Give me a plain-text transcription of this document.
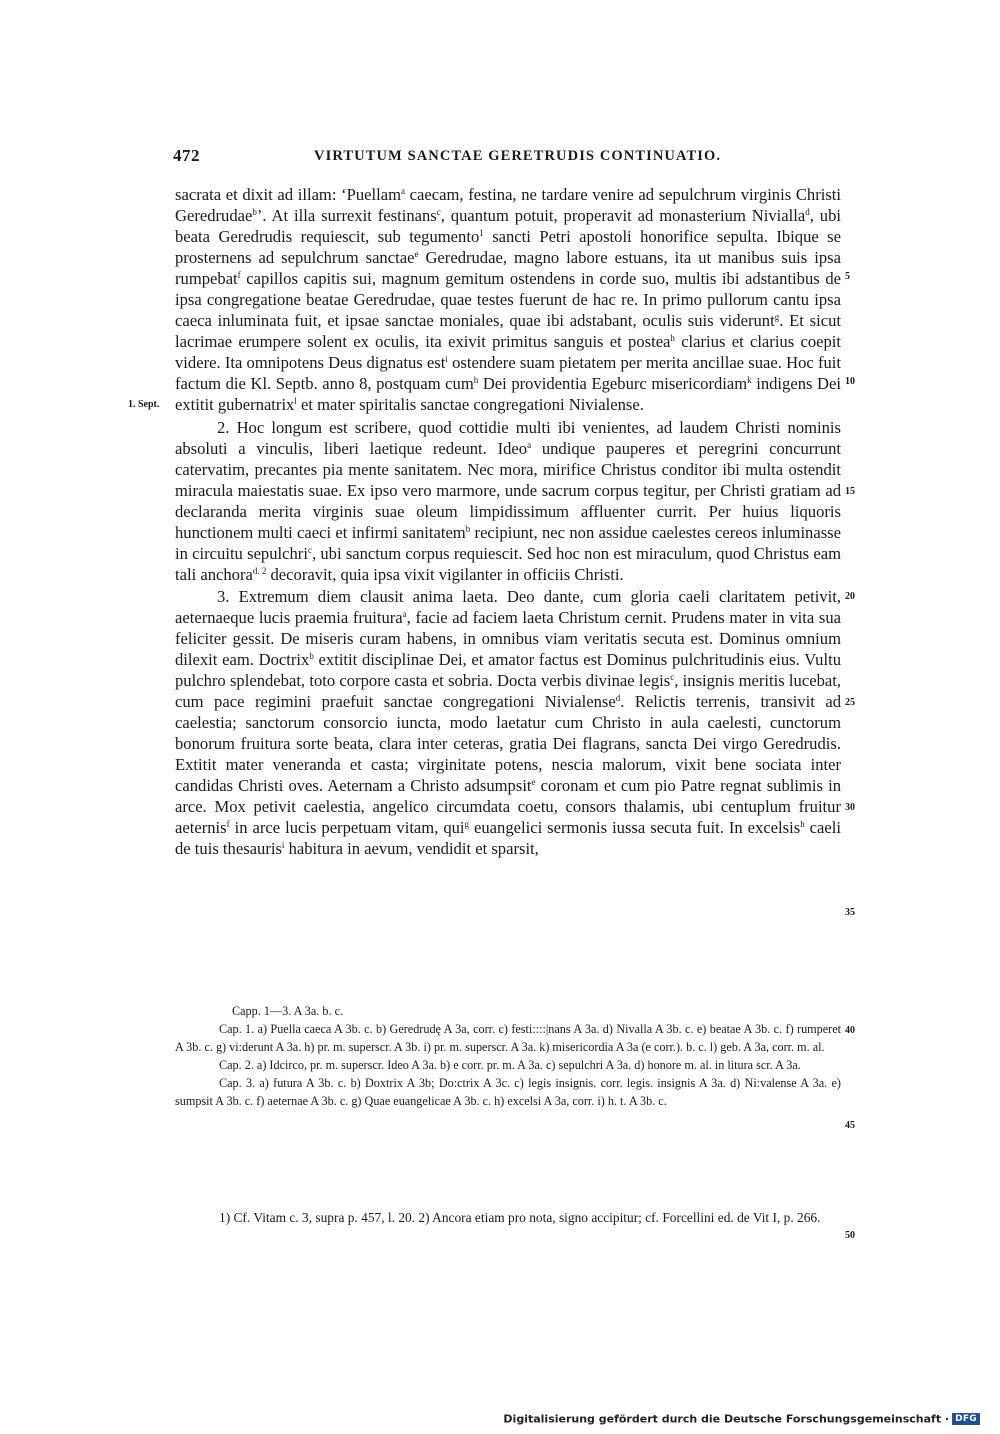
472	VIRTUTUM SANCTAE GERETRUDIS CONTINUATIO.
1. Sept.
5
10
15
20
25
30
35
40
45
50

sacrata et dixit ad illam: ‘Puellam$^a$ caecam, festina, ne tardare venire ad sepulchrum virginis Christi Geredrudae$^b$’. At illa surrexit festinans$^c$, quantum potuit, properavit ad monasterium Nivialla$^d$, ubi beata Geredrudis requiescit, sub tegumento$^1$ sancti Petri apostoli honorifice sepulta. Ibique se prosternens ad sepulchrum sanctae$^e$ Geredrudae, magno labore estuans, ita ut manibus suis ipsa rumpebat$^f$ capillos capitis sui, magnum gemitum ostendens in corde suo, multis ibi adstantibus de ipsa congregatione beatae Geredrudae, quae testes fuerunt de hac re. In primo pullorum cantu ipsa caeca inluminata fuit, et ipsae sanctae moniales, quae ibi adstabant, oculis suis viderunt$^g$. Et sicut lacrimae erumpere solent ex oculis, ita exivit primitus sanguis et postea$^h$ clarius et clarius coepit videre. Ita omnipotens Deus dignatus est$^i$ ostendere suam pietatem per merita ancillae suae. Hoc fuit factum die Kl. Septb. anno 8, postquam cum$^h$ Dei providentia Egeburc misericordiam$^k$ indigens Dei extitit gubernatrix$^l$ et mater spiritalis sanctae congregationi Nivialense.

2. Hoc longum est scribere, quod cottidie multi ibi venientes, ad laudem Christi nominis absoluti a vinculis, liberi laetique redeunt. Ideo$^a$ undique pauperes et peregrini concurrunt catervatim, precantes pia mente sanitatem. Nec mora, mirifice Christus conditor ibi multa ostendit miracula maiestatis suae. Ex ipso vero marmore, unde sacrum corpus tegitur, per Christi gratiam ad declaranda merita virginis suae oleum limpidissimum affluenter currit. Per huius liquoris hunctionem multi caeci et infirmi sanitatem$^b$ recipiunt, nec non assidue caelestes cereos inluminasse in circuitu sepulchri$^c$, ubi sanctum corpus requiescit. Sed hoc non est miraculum, quod Christus eam tali anchora$^{d. 2}$ decoravit, quia ipsa vixit vigilanter in officiis Christi.

3. Extremum diem clausit anima laeta. Deo dante, cum gloria caeli claritatem petivit, aeternaeque lucis praemia fruitura$^a$, facie ad faciem laeta Christum cernit. Prudens mater in vita sua feliciter gessit. De miseris curam habens, in omnibus viam veritatis secuta est. Dominus omnium dilexit eam. Doctrix$^b$ extitit disciplinae Dei, et amator factus est Dominus pulchritudinis eius. Vultu pulchro splendebat, toto corpore casta et sobria. Docta verbis divinae legis$^c$, insignis meritis lucebat, cum pace regimini praefuit sanctae congregationi Nivialense$^d$. Relictis terrenis, transivit ad caelestia; sanctorum consorcio iuncta, modo laetatur cum Christo in aula caelesti, cunctorum bonorum fruitura sorte beata, clara inter ceteras, gratia Dei flagrans, sancta Dei virgo Geredrudis. Extitit mater veneranda et casta; virginitate potens, nescia malorum, vixit bene sociata inter candidas Christi oves. Aeternam a Christo adsumpsit$^e$ coronam et cum pio Patre regnat sublimis in arce. Mox petivit caelestia, angelico circumdata coetu, consors thalamis, ubi centuplum fruitur aeternis$^f$ in arce lucis perpetuam vitam, qui$^g$ euangelici sermonis iussa secuta fuit. In excelsis$^h$ caeli de tuis thesauris$^i$ habitura in aevum, vendidit et sparsit,

Capp. 1—3. A 3a. b. c.

Cap. 1. a) Puella caeca A 3b. c. b) Geredrudę A 3a, corr. c) festi::::|nans A 3a. d) Nivalla A 3b. c. e) beatae A 3b. c. f) rumperet A 3b. c. g) vi:derunt A 3a. h) pr. m. superscr. A 3b. i) pr. m. superscr. A 3a. k) misericordia A 3a (e corr.). b. c. l) geb. A 3a, corr. m. al.

Cap. 2. a) Idcirco, pr. m. superscr. Ideo A 3a. b) e corr. pr. m. A 3a. c) sepulchri A 3a. d) honore m. al. in litura scr. A 3a.

Cap. 3. a) futura A 3b. c. b) Doxtrix A 3b; Do:ctrix A 3c. c) legis insignis. corr. legis. insignis A 3a. d) Ni:valense A 3a. e) sumpsit A 3b. c. f) aeternae A 3b. c. g) Quae euangelicae A 3b. c. h) excelsi A 3a, corr. i) h. t. A 3b. c.

1) Cf. Vitam c. 3, supra p. 457, l. 20. 2) Ancora etiam pro nota, signo accipitur; cf. Forcellini ed. de Vit I, p. 266.

Digitalisierung gefördert durch die Deutsche Forschungsgemeinschaft · DFG
